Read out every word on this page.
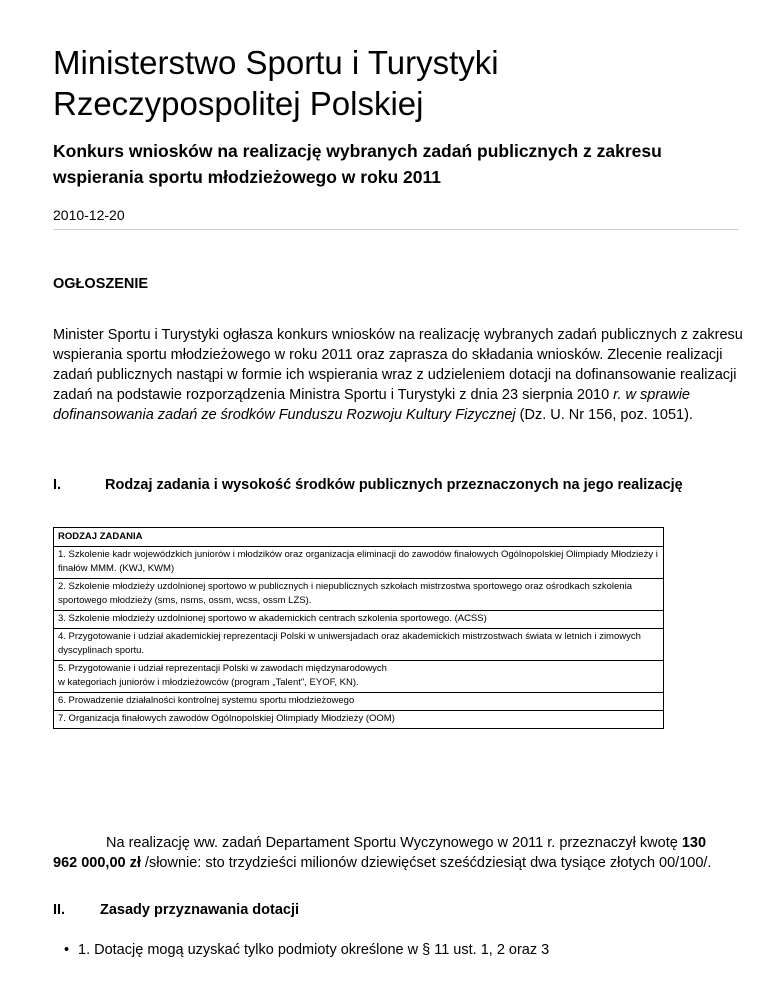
Ministerstwo Sportu i Turystyki
Rzeczypospolitej Polskiej
Konkurs wniosków na realizację wybranych zadań publicznych z zakresu wspierania sportu młodzieżowego w roku 2011
2010-12-20
OGŁOSZENIE

Minister Sportu i Turystyki ogłasza konkurs wniosków na realizację wybranych zadań publicznych z zakresu wspierania sportu młodzieżowego w roku 2011 oraz zaprasza do składania wniosków. Zlecenie realizacji zadań publicznych nastąpi w formie ich wspierania wraz z udzieleniem dotacji na dofinansowanie realizacji zadań na podstawie rozporządzenia Ministra Sportu i Turystyki z dnia 23 sierpnia 2010 r. w sprawie dofinansowania zadań ze środków Funduszu Rozwoju Kultury Fizycznej (Dz. U. Nr 156, poz. 1051).

I.	Rodzaj zadania i wysokość środków publicznych przeznaczonych na jego realizację
RODZAJ ZADANIA
1. Szkolenie kadr wojewódzkich juniorów i młodzików oraz organizacja eliminacji do zawodów finałowych Ogólnopolskiej Olimpiady Młodzieży i finałów MMM. (KWJ, KWM)
2. Szkolenie młodzieży uzdolnionej sportowo w publicznych i niepublicznych szkołach mistrzostwa sportowego oraz ośrodkach szkolenia sportowego młodzieży (sms, nsms, ossm, wcss, ossm LZS).
3. Szkolenie młodzieży uzdolnionej sportowo w akademickich centrach szkolenia sportowego. (ACSS)
4. Przygotowanie i udział akademickiej reprezentacji Polski w uniwersjadach oraz akademickich mistrzostwach świata w letnich i zimowych dyscyplinach sportu.
5. Przygotowanie i udział reprezentacji Polski w zawodach międzynarodowych
w kategoriach juniorów i młodzieżowców (program „Talent", EYOF, KN).
6. Prowadzenie działalności kontrolnej systemu sportu młodzieżowego
7. Organizacja finałowych zawodów Ogólnopolskiej Olimpiady Młodzieży (OOM)

Na realizację ww. zadań Departament Sportu Wyczynowego w 2011 r. przeznaczył kwotę 130 962 000,00 zł /słownie: sto trzydzieści milionów dziewięćset sześćdziesiąt dwa tysiące złotych 00/100/.

II. Zasady przyznawania dotacji
• 1. Dotację mogą uzyskać tylko podmioty określone w § 11 ust. 1, 2 oraz 3
